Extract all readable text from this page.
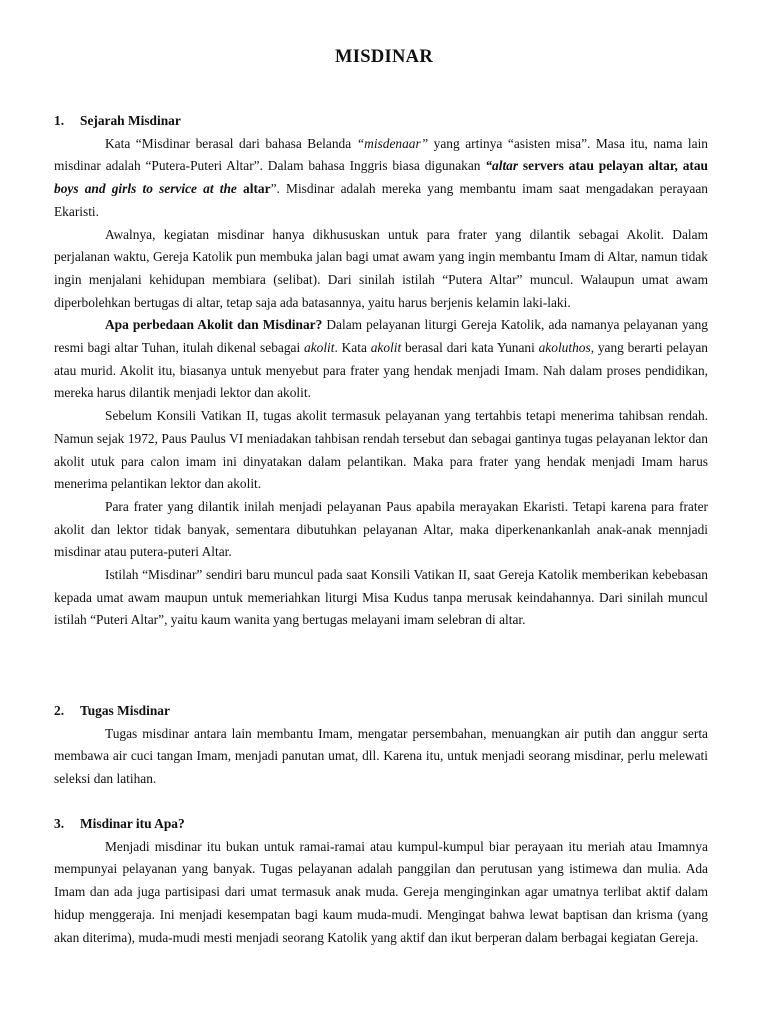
MISDINAR
1. Sejarah Misdinar

Kata “Misdinar berasal dari bahasa Belanda “misdenaar” yang artinya “asisten misa”. Masa itu, nama lain misdinar adalah “Putera-Puteri Altar”. Dalam bahasa Inggris biasa digunakan “altar servers atau pelayan altar, atau boys and girls to service at the altar”. Misdinar adalah mereka yang membantu imam saat mengadakan perayaan Ekaristi.

Awalnya, kegiatan misdinar hanya dikhususkan untuk para frater yang dilantik sebagai Akolit. Dalam perjalanan waktu, Gereja Katolik pun membuka jalan bagi umat awam yang ingin membantu Imam di Altar, namun tidak ingin menjalani kehidupan membiara (selibat). Dari sinilah istilah “Putera Altar” muncul. Walaupun umat awam diperbolehkan bertugas di altar, tetap saja ada batasannya, yaitu harus berjenis kelamin laki-laki.

Apa perbedaan Akolit dan Misdinar? Dalam pelayanan liturgi Gereja Katolik, ada namanya pelayanan yang resmi bagi altar Tuhan, itulah dikenal sebagai akolit. Kata akolit berasal dari kata Yunani akoluthos, yang berarti pelayan atau murid. Akolit itu, biasanya untuk menyebut para frater yang hendak menjadi Imam. Nah dalam proses pendidikan, mereka harus dilantik menjadi lektor dan akolit.

Sebelum Konsili Vatikan II, tugas akolit termasuk pelayanan yang tertahbis tetapi menerima tahibsan rendah. Namun sejak 1972, Paus Paulus VI meniadakan tahbisan rendah tersebut dan sebagai gantinya tugas pelayanan lektor dan akolit utuk para calon imam ini dinyatakan dalam pelantikan. Maka para frater yang hendak menjadi Imam harus menerima pelantikan lektor dan akolit.

Para frater yang dilantik inilah menjadi pelayanan Paus apabila merayakan Ekaristi. Tetapi karena para frater akolit dan lektor tidak banyak, sementara dibutuhkan pelayanan Altar, maka diperkenankanlah anak-anak mennjadi misdinar atau putera-puteri Altar.

Istilah “Misdinar” sendiri baru muncul pada saat Konsili Vatikan II, saat Gereja Katolik memberikan kebebasan kepada umat awam maupun untuk memeriahkan liturgi Misa Kudus tanpa merusak keindahannya. Dari sinilah muncul istilah “Puteri Altar”, yaitu kaum wanita yang bertugas melayani imam selebran di altar.

2. Tugas Misdinar

Tugas misdinar antara lain membantu Imam, mengatar persembahan, menuangkan air putih dan anggur serta membawa air cuci tangan Imam, menjadi panutan umat, dll. Karena itu, untuk menjadi seorang misdinar, perlu melewati seleksi dan latihan.

3. Misdinar itu Apa?

Menjadi misdinar itu bukan untuk ramai-ramai atau kumpul-kumpul biar perayaan itu meriah atau Imamnya mempunyai pelayanan yang banyak. Tugas pelayanan adalah panggilan dan perutusan yang istimewa dan mulia. Ada Imam dan ada juga partisipasi dari umat termasuk anak muda. Gereja menginginkan agar umatnya terlibat aktif dalam hidup menggeraja. Ini menjadi kesempatan bagi kaum muda-mudi. Mengingat bahwa lewat baptisan dan krisma (yang akan diterima), muda-mudi mesti menjadi seorang Katolik yang aktif dan ikut berperan dalam berbagai kegiatan Gereja.
